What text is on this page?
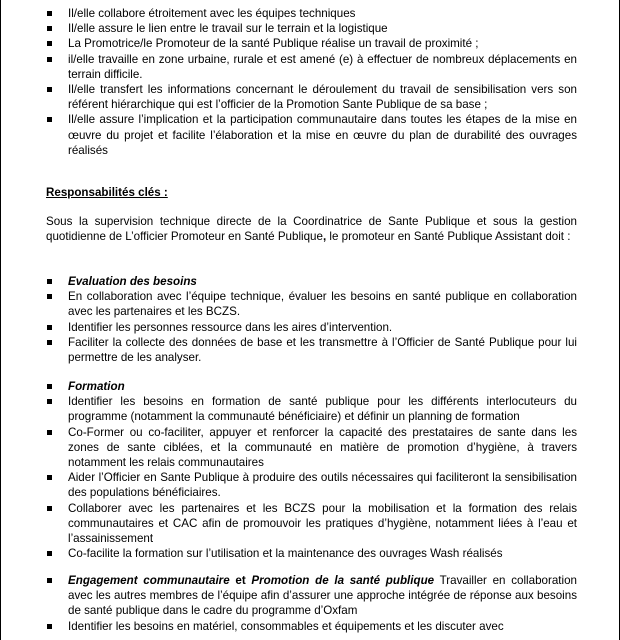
Il/elle collabore étroitement avec les équipes techniques
Il/elle assure le lien entre le travail sur le terrain et la logistique
La Promotrice/le Promoteur de la santé Publique réalise un travail de proximité ;
il/elle travaille en zone urbaine, rurale et est amené (e) à effectuer de nombreux déplacements en terrain difficile.
Il/elle transfert les informations concernant le déroulement du travail de sensibilisation vers son référent hiérarchique qui est l’officier de la Promotion Sante Publique de sa base ;
Il/elle assure l’implication et la participation communautaire dans toutes les étapes de la mise en œuvre du projet et facilite l’élaboration et la mise en œuvre du plan de durabilité des ouvrages réalisés
Responsabilités clés :
Sous la supervision technique directe de la Coordinatrice de Sante Publique et sous la gestion quotidienne de L’officier Promoteur en Santé Publique, le promoteur en Santé Publique Assistant doit :
Evaluation des besoins
En collaboration avec l’équipe technique, évaluer les besoins en santé publique en collaboration avec les partenaires et les BCZS.
Identifier les personnes ressource dans les aires d’intervention.
Faciliter la collecte des données de base et les transmettre à l’Officier de Santé Publique pour lui permettre de les analyser.
Formation
Identifier les besoins en formation de santé publique pour les différents interlocuteurs du programme (notamment la communauté bénéficiaire) et définir un planning de formation
Co-Former ou co-faciliter, appuyer et renforcer la capacité des prestataires de sante dans les zones de sante ciblées, et la communauté en matière de promotion d’hygiène, à travers notamment les relais communautaires
Aider l’Officier en Sante Publique à produire des outils nécessaires qui faciliteront la sensibilisation des populations bénéficiaires.
Collaborer avec les partenaires et les BCZS pour la mobilisation et la formation des relais communautaires et CAC afin de promouvoir les pratiques d’hygiène, notamment liées à l’eau et l’assainissement
Co-facilite la formation sur l’utilisation et la maintenance des ouvrages Wash réalisés
Engagement communautaire et Promotion de la santé publique Travailler en collaboration avec les autres membres de l’équipe afin d’assurer une approche intégrée de réponse aux besoins de santé publique dans le cadre du programme d’Oxfam
Identifier les besoins en matériel, consommables et équipements et les discuter avec
